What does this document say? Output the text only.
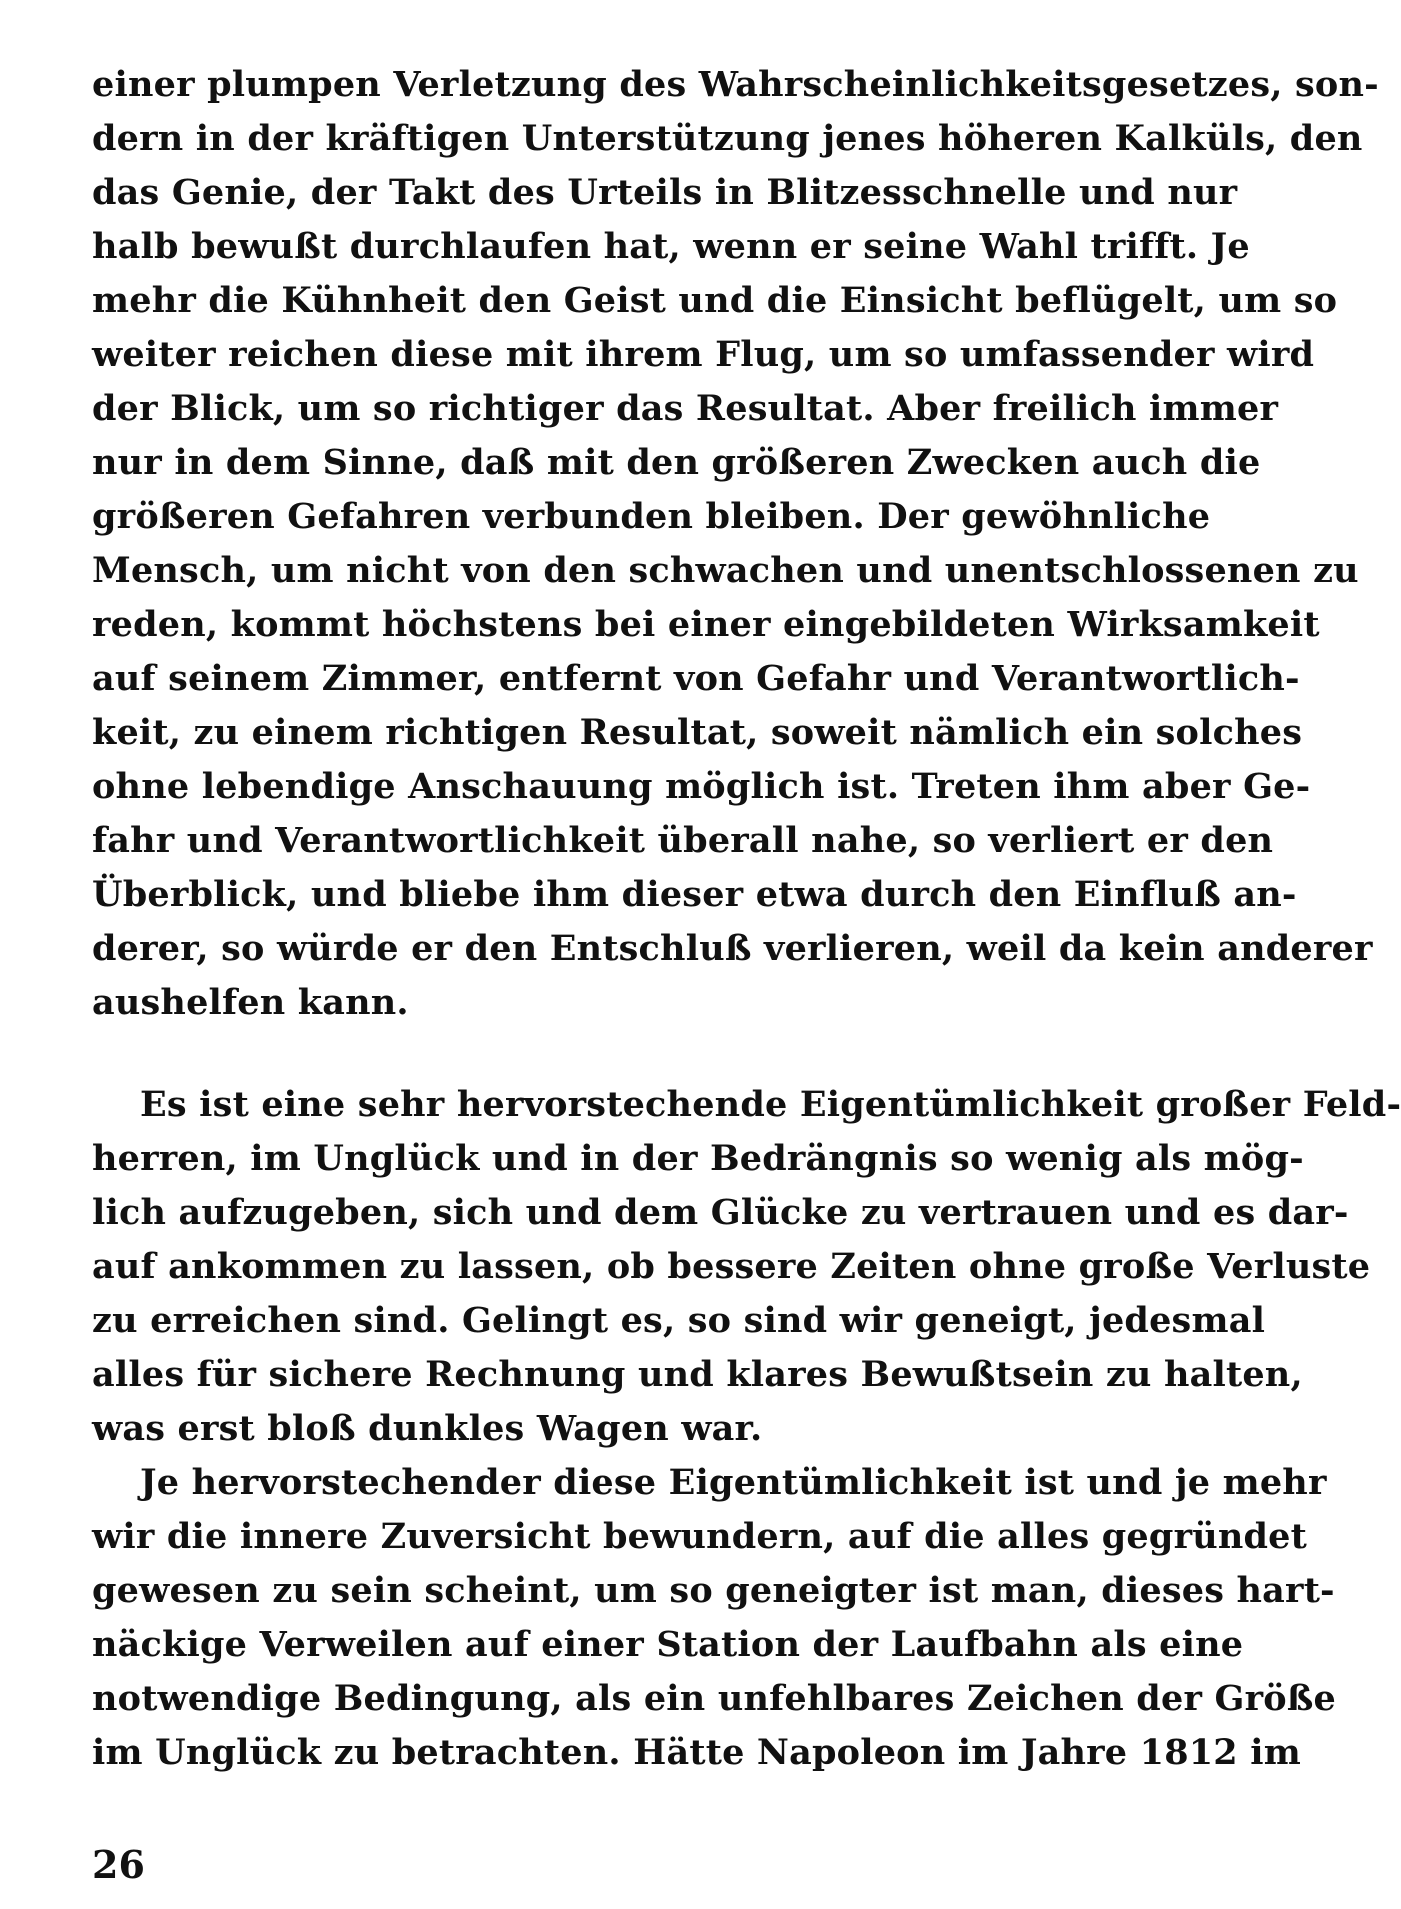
einer plumpen Verletzung des Wahrscheinlichkeitsgesetzes, son-
dern in der kräftigen Unterstützung jenes höheren Kalküls, den
das Genie, der Takt des Urteils in Blitzesschnelle und nur
halb bewußt durchlaufen hat, wenn er seine Wahl trifft. Je
mehr die Kühnheit den Geist und die Einsicht beflügelt, um so
weiter reichen diese mit ihrem Flug, um so umfassender wird
der Blick, um so richtiger das Resultat. Aber freilich immer
nur in dem Sinne, daß mit den größeren Zwecken auch die
größeren Gefahren verbunden bleiben. Der gewöhnliche
Mensch, um nicht von den schwachen und unentschlossenen zu
reden, kommt höchstens bei einer eingebildeten Wirksamkeit
auf seinem Zimmer, entfernt von Gefahr und Verantwortlich-
keit, zu einem richtigen Resultat, soweit nämlich ein solches
ohne lebendige Anschauung möglich ist. Treten ihm aber Ge-
fahr und Verantwortlichkeit überall nahe, so verliert er den
Überblick, und bliebe ihm dieser etwa durch den Einfluß an-
derer, so würde er den Entschluß verlieren, weil da kein anderer
aushelfen kann.
Es ist eine sehr hervorstechende Eigentümlichkeit großer Feld-
herren, im Unglück und in der Bedrängnis so wenig als mög-
lich aufzugeben, sich und dem Glücke zu vertrauen und es dar-
auf ankommen zu lassen, ob bessere Zeiten ohne große Verluste
zu erreichen sind. Gelingt es, so sind wir geneigt, jedesmal
alles für sichere Rechnung und klares Bewußtsein zu halten,
was erst bloß dunkles Wagen war.
Je hervorstechender diese Eigentümlichkeit ist und je mehr
wir die innere Zuversicht bewundern, auf die alles gegründet
gewesen zu sein scheint, um so geneigter ist man, dieses hart-
näckige Verweilen auf einer Station der Laufbahn als eine
notwendige Bedingung, als ein unfehlbares Zeichen der Größe
im Unglück zu betrachten. Hätte Napoleon im Jahre 1812 im
26
